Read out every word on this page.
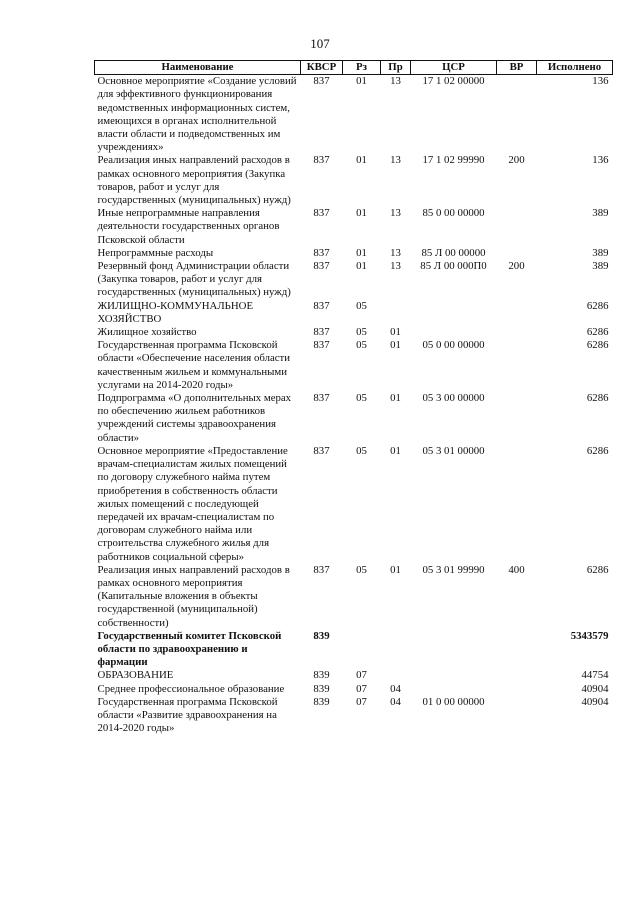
107
Наименование	КВСР	Рз	Пр	ЦСР	ВР	Исполнено
Основное мероприятие «Создание условий для эффективного функционирования ведомственных информационных систем, имеющихся в органах исполнительной власти области и подведомственных им учреждениях»	837	01	13	17 1 02 00000		136
Реализация иных направлений расходов в рамках основного мероприятия (Закупка товаров, работ и услуг для государственных (муниципальных) нужд)	837	01	13	17 1 02 99990	200	136
Иные непрограммные направления деятельности государственных органов Псковской области	837	01	13	85 0 00 00000		389
Непрограммные расходы	837	01	13	85 Л 00 00000		389
Резервный фонд Администрации области (Закупка товаров, работ и услуг для государственных (муниципальных) нужд)	837	01	13	85 Л 00 000П0	200	389
ЖИЛИЩНО-КОММУНАЛЬНОЕ ХОЗЯЙСТВО	837	05				6286
Жилищное хозяйство	837	05	01			6286
Государственная программа Псковской области «Обеспечение населения области качественным жильем и коммунальными услугами на 2014-2020 годы»	837	05	01	05 0 00 00000		6286
Подпрограмма «О дополнительных мерах по обеспечению жильем работников учреждений системы здравоохранения области»	837	05	01	05 3 00 00000		6286
Основное мероприятие «Предоставление врачам-специалистам жилых помещений по договору служебного найма путем приобретения в собственность области жилых помещений с последующей передачей их врачам-специалистам по договорам служебного найма или строительства служебного жилья для работников социальной сферы»	837	05	01	05 3 01 00000		6286
Реализация иных направлений расходов в рамках основного мероприятия (Капитальные вложения в объекты государственной (муниципальной) собственности)	837	05	01	05 3 01 99990	400	6286
Государственный комитет Псковской области по здравоохранению и фармации	839					5343579
ОБРАЗОВАНИЕ	839	07				44754
Среднее профессиональное образование	839	07	04			40904
Государственная программа Псковской области «Развитие здравоохранения на 2014-2020 годы»	839	07	04	01 0 00 00000		40904
